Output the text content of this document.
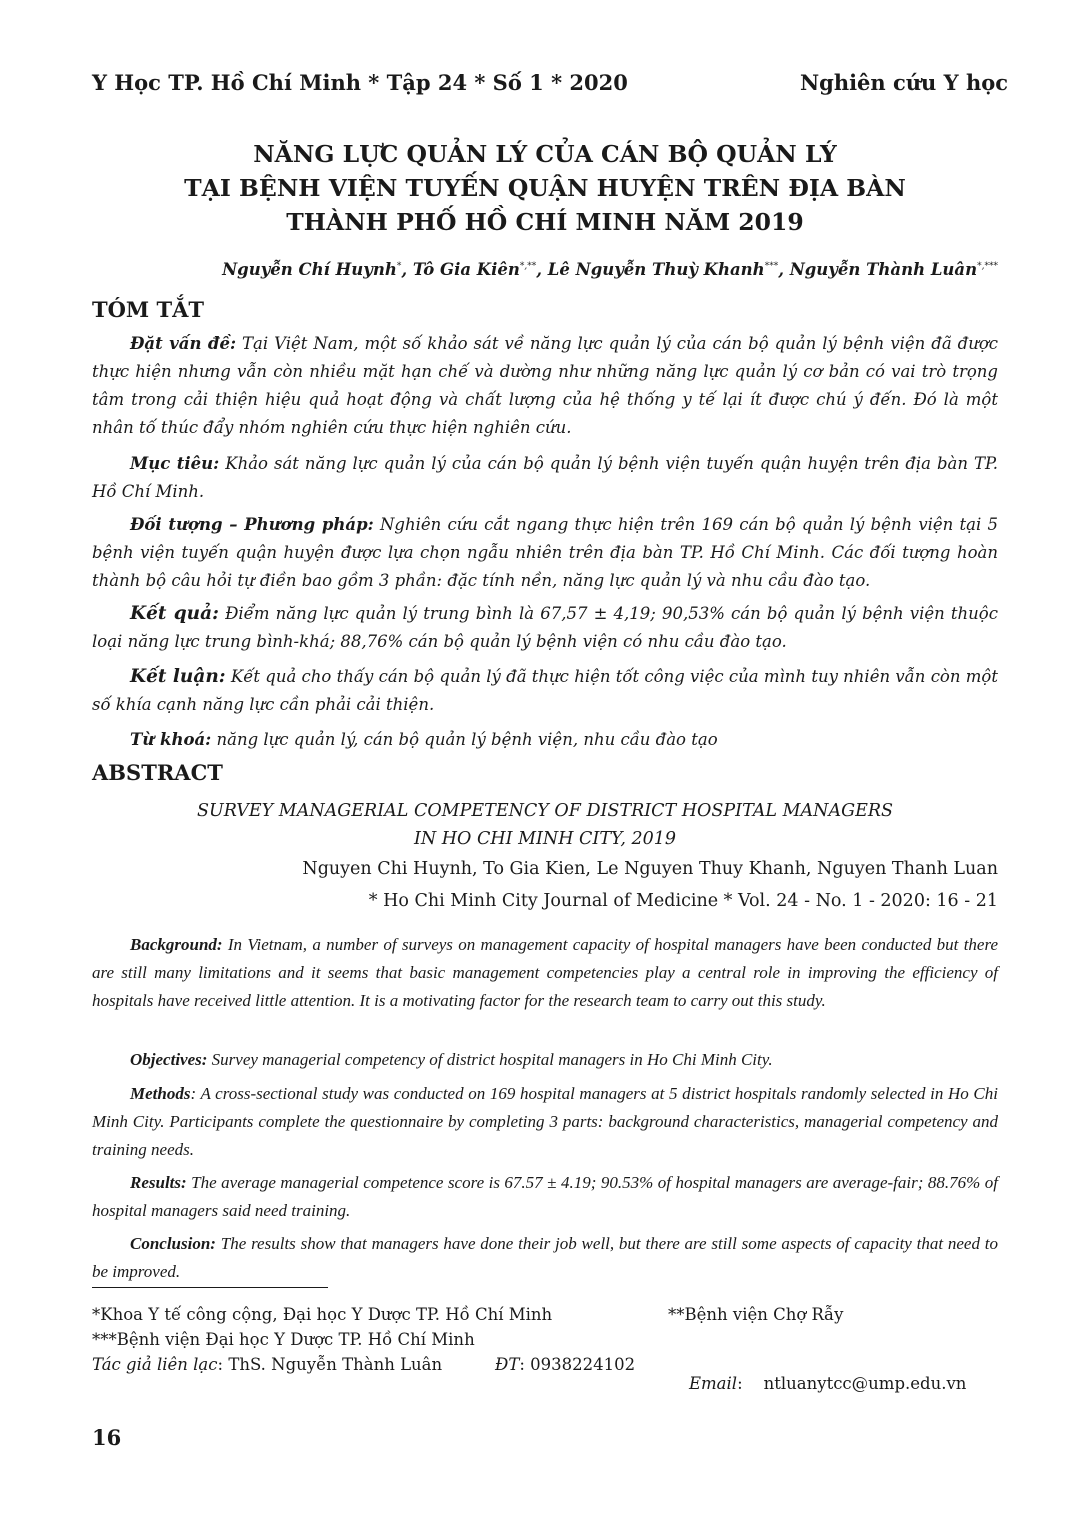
Y Học TP. Hồ Chí Minh * Tập 24 * Số 1 * 2020	Nghiên cứu Y học
NĂNG LỰC QUẢN LÝ CỦA CÁN BỘ QUẢN LÝ
TẠI BỆNH VIỆN TUYẾN QUẬN HUYỆN TRÊN ĐỊA BÀN
THÀNH PHỐ HỒ CHÍ MINH NĂM 2019
Nguyễn Chí Huynh*, Tô Gia Kiên*,**, Lê Nguyễn Thuỳ Khanh***, Nguyễn Thành Luân*,***
TÓM TẮT
Đặt vấn đề: Tại Việt Nam, một số khảo sát về năng lực quản lý của cán bộ quản lý bệnh viện đã được thực hiện nhưng vẫn còn nhiều mặt hạn chế và dường như những năng lực quản lý cơ bản có vai trò trọng tâm trong cải thiện hiệu quả hoạt động và chất lượng của hệ thống y tế lại ít được chú ý đến. Đó là một nhân tố thúc đẩy nhóm nghiên cứu thực hiện nghiên cứu.
Mục tiêu: Khảo sát năng lực quản lý của cán bộ quản lý bệnh viện tuyến quận huyện trên địa bàn TP. Hồ Chí Minh.
Đối tượng – Phương pháp: Nghiên cứu cắt ngang thực hiện trên 169 cán bộ quản lý bệnh viện tại 5 bệnh viện tuyến quận huyện được lựa chọn ngẫu nhiên trên địa bàn TP. Hồ Chí Minh. Các đối tượng hoàn thành bộ câu hỏi tự điền bao gồm 3 phần: đặc tính nền, năng lực quản lý và nhu cầu đào tạo.
Kết quả: Điểm năng lực quản lý trung bình là 67,57 ± 4,19; 90,53% cán bộ quản lý bệnh viện thuộc loại năng lực trung bình-khá; 88,76% cán bộ quản lý bệnh viện có nhu cầu đào tạo.
Kết luận: Kết quả cho thấy cán bộ quản lý đã thực hiện tốt công việc của mình tuy nhiên vẫn còn một số khía cạnh năng lực cần phải cải thiện.
Từ khoá: năng lực quản lý, cán bộ quản lý bệnh viện, nhu cầu đào tạo
ABSTRACT
SURVEY MANAGERIAL COMPETENCY OF DISTRICT HOSPITAL MANAGERS
IN HO CHI MINH CITY, 2019
Nguyen Chi Huynh, To Gia Kien, Le Nguyen Thuy Khanh, Nguyen Thanh Luan
* Ho Chi Minh City Journal of Medicine * Vol. 24 - No. 1 - 2020: 16 - 21
Background: In Vietnam, a number of surveys on management capacity of hospital managers have been conducted but there are still many limitations and it seems that basic management competencies play a central role in improving the efficiency of hospitals have received little attention. It is a motivating factor for the research team to carry out this study.
Objectives: Survey managerial competency of district hospital managers in Ho Chi Minh City.
Methods: A cross-sectional study was conducted on 169 hospital managers at 5 district hospitals randomly selected in Ho Chi Minh City. Participants complete the questionnaire by completing 3 parts: background characteristics, managerial competency and training needs.
Results: The average managerial competence score is 67.57 ± 4.19; 90.53% of hospital managers are average-fair; 88.76% of hospital managers said need training.
Conclusion: The results show that managers have done their job well, but there are still some aspects of capacity that need to be improved.
*Khoa Y tế công cộng, Đại học Y Dược TP. Hồ Chí Minh	**Bệnh viện Chợ Rẫy
***Bệnh viện Đại học Y Dược TP. Hồ Chí Minh
Tác giả liên lạc: ThS. Nguyễn Thành Luân	ĐT: 0938224102

Email:    ntluanytcc@ump.edu.vn

16
